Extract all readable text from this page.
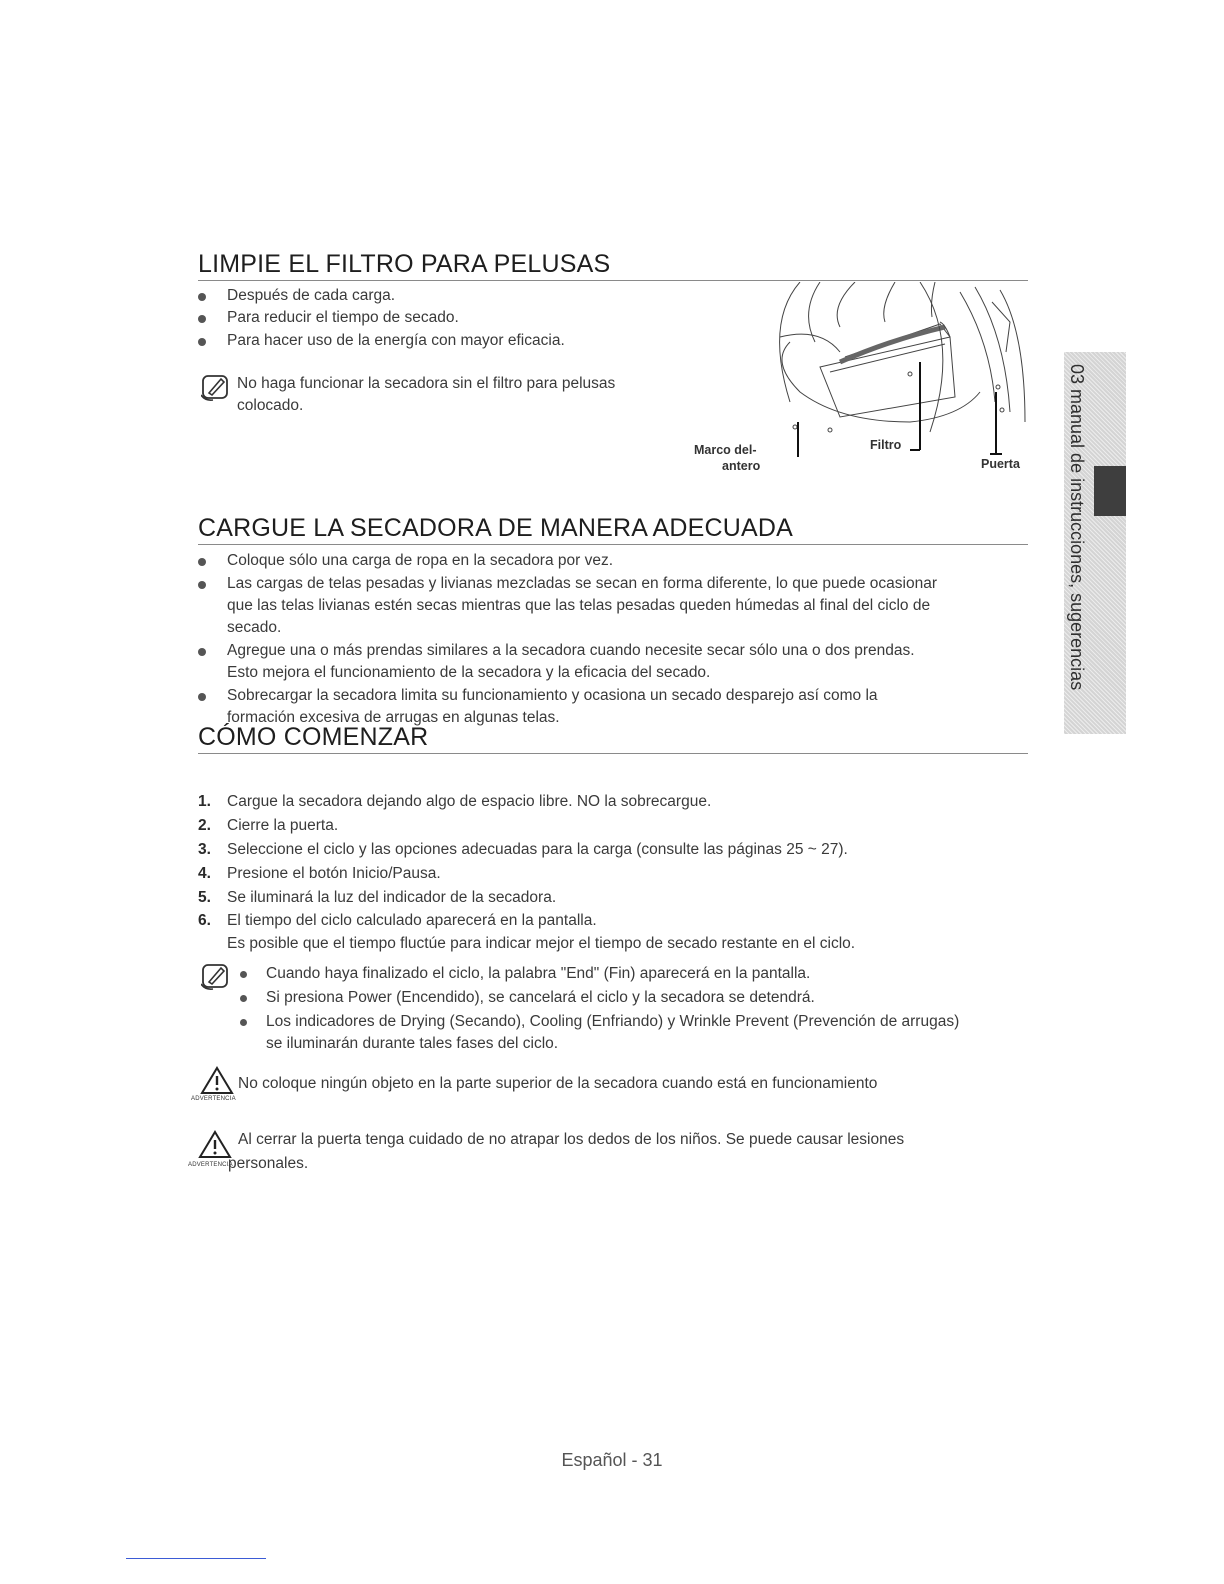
LIMPIE EL FILTRO PARA PELUSAS
Después de cada carga.
Para reducir el tiempo de secado.
Para hacer uso de la energía con mayor eficacia.
No haga funcionar la secadora sin el filtro para pelusas
colocado.
Marco del-
antero
Filtro
Puerta
CARGUE LA SECADORA DE MANERA ADECUADA
Coloque sólo una carga de ropa en la secadora por vez.
Las cargas de telas pesadas y livianas mezcladas se secan en forma diferente, lo que puede ocasionar
que las telas livianas estén secas mientras que las telas pesadas queden húmedas al final del ciclo de
secado.
Agregue una o más prendas similares a la secadora cuando necesite secar sólo una o dos prendas.
Esto mejora el funcionamiento de la secadora y la eficacia del secado.
Sobrecargar la secadora limita su funcionamiento y ocasiona un secado desparejo así como la
formación excesiva de arrugas en algunas telas.
CÓMO COMENZAR
1. Cargue la secadora dejando algo de espacio libre. NO la sobrecargue.
2. Cierre la puerta.
3. Seleccione el ciclo y las opciones adecuadas para la carga (consulte las páginas 25 ~ 27).
4. Presione el botón Inicio/Pausa.
5. Se iluminará la luz del indicador de la secadora.
6. El tiempo del ciclo calculado aparecerá en la pantalla.
Es posible que el tiempo fluctúe para indicar mejor el tiempo de secado restante en el ciclo.
Cuando haya finalizado el ciclo, la palabra "End" (Fin) aparecerá en la pantalla.
Si presiona Power (Encendido), se cancelará el ciclo y la secadora se detendrá.
Los indicadores de Drying (Secando), Cooling (Enfriando) y Wrinkle Prevent (Prevención de arrugas)
se iluminarán durante tales fases del ciclo.
ADVERTENCIA
No coloque ningún objeto en la parte superior de la secadora cuando está en funcionamiento
ADVERTENCIA
Al cerrar la puerta tenga cuidado de no atrapar los dedos de los niños. Se puede causar lesiones
personales.
03 manual de instrucciones, sugerencias
Español - 31
